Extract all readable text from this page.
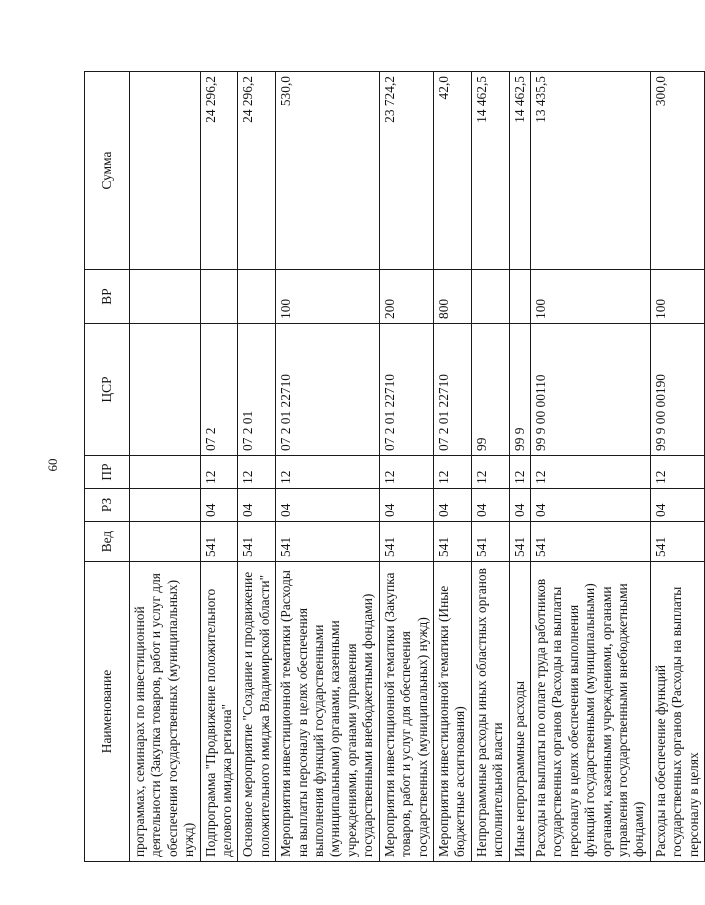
60
Наименование	Вед	РЗ	ПР	ЦСР	ВР	Сумма
программах, семинарах по инвестиционной деятельности (Закупка товаров, работ и услуг для обеспечения государственных (муниципальных) нужд)						
Подпрограмма "Продвижение положительного делового имиджа региона"	541	04	12	07 2		24 296,2
Основное мероприятие "Создание и продвижение положительного имиджа Владимирской области"	541	04	12	07 2 01		24 296,2
Мероприятия инвестиционной тематики (Расходы на выплаты персоналу в целях обеспечения выполнения функций государственными (муниципальными) органами, казенными учреждениями, органами управления государственными внебюджетными фондами)	541	04	12	07 2 01 22710	100	530,0
Мероприятия инвестиционной тематики (Закупка товаров, работ и услуг для обеспечения государственных (муниципальных) нужд)	541	04	12	07 2 01 22710	200	23 724,2
Мероприятия инвестиционной тематики (Иные бюджетные ассигнования)	541	04	12	07 2 01 22710	800	42,0
Непрограммные расходы иных областных органов исполнительной власти	541	04	12	99		14 462,5
Иные непрограммные расходы	541	04	12	99 9		14 462,5
Расходы на выплаты по оплате труда работников государственных органов (Расходы на выплаты персоналу в целях обеспечения выполнения функций государственными (муниципальными) органами, казенными учреждениями, органами управления государственными внебюджетными фондами)	541	04	12	99 9 00 00110	100	13 435,5
Расходы на обеспечение функций государственных органов (Расходы на выплаты персоналу в целях	541	04	12	99 9 00 00190	100	300,0
